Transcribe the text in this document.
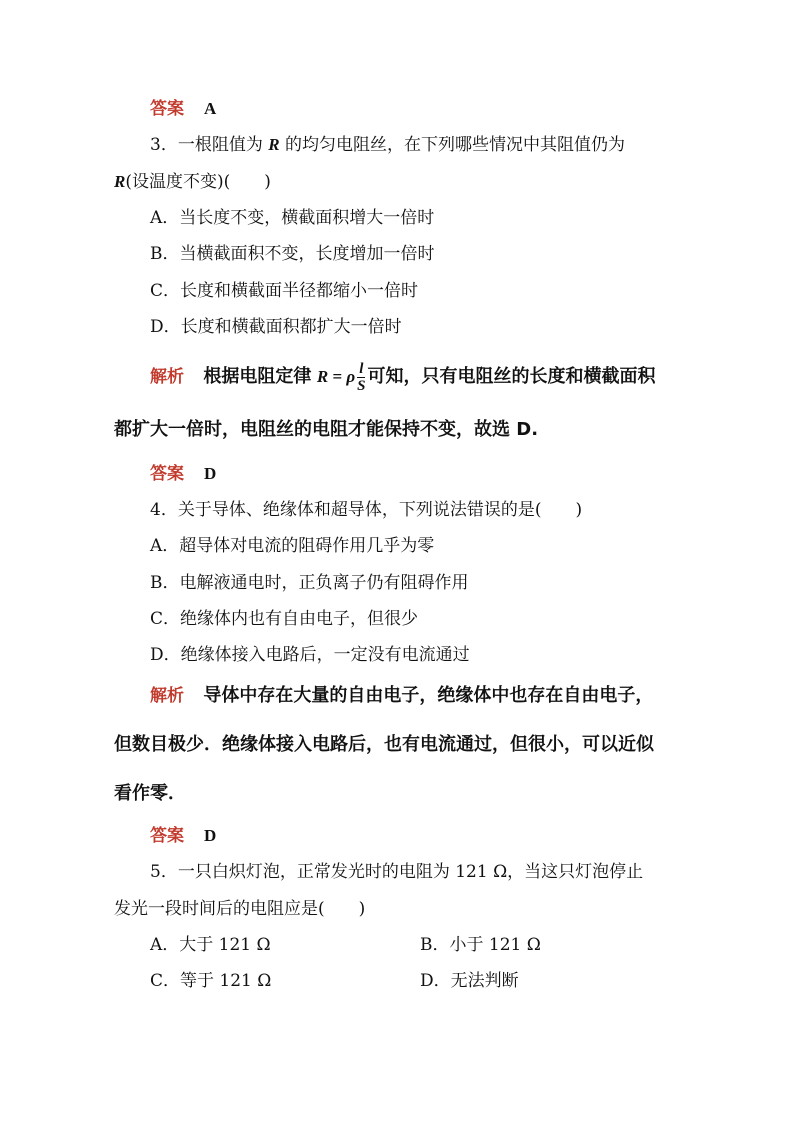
答案 A
3．一根阻值为 R 的均匀电阻丝，在下列哪些情况中其阻值仍为
R(设温度不变)(　　)
A．当长度不变，横截面积增大一倍时
B．当横截面积不变，长度增加一倍时
C．长度和横截面半径都缩小一倍时
D．长度和横截面积都扩大一倍时
解析 根据电阻定律 R = ρ $\frac{l}{S}$ 可知，只有电阻丝的长度和横截面积
都扩大一倍时，电阻丝的电阻才能保持不变，故选 D.
答案 D
4．关于导体、绝缘体和超导体，下列说法错误的是(　　)
A．超导体对电流的阻碍作用几乎为零
B．电解液通电时，正负离子仍有阻碍作用
C．绝缘体内也有自由电子，但很少
D．绝缘体接入电路后，一定没有电流通过
解析 导体中存在大量的自由电子，绝缘体中也存在自由电子，
但数目极少．绝缘体接入电路后，也有电流通过，但很小，可以近似
看作零．
答案 D
5．一只白炽灯泡，正常发光时的电阻为 121 Ω，当这只灯泡停止
发光一段时间后的电阻应是(　　)
A．大于 121 Ω	B．小于 121 Ω
C．等于 121 Ω	D．无法判断
